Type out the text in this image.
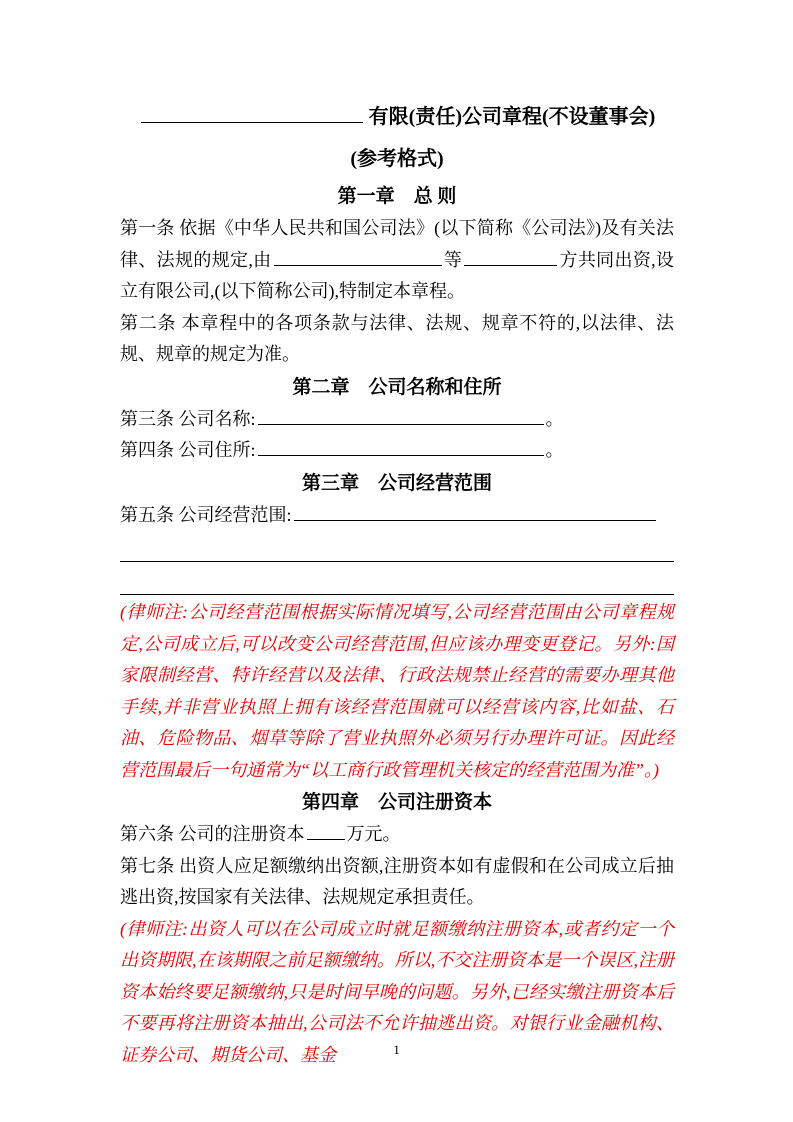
有限(责任)公司章程(不设董事会)
(参考格式)
第一章　总 则
第一条 依据《中华人民共和国公司法》(以下简称《公司法》)及有关法律、法规的规定,由	等	方共同出资,设立有限公司,(以下简称公司),特制定本章程。
第二条 本章程中的各项条款与法律、法规、规章不符的,以法律、法规、规章的规定为准。
第二章　公司名称和住所
第三条 公司名称:	。
第四条 公司住所:	。
第三章　公司经营范围
第五条 公司经营范围:
(律师注:公司经营范围根据实际情况填写,公司经营范围由公司章程规定,公司成立后,可以改变公司经营范围,但应该办理变更登记。另外:国家限制经营、特许经营以及法律、行政法规禁止经营的需要办理其他手续,并非营业执照上拥有该经营范围就可以经营该内容,比如盐、石油、危险物品、烟草等除了营业执照外必须另行办理许可证。因此经营范围最后一句通常为“以工商行政管理机关核定的经营范围为准”。)
第四章　公司注册资本
第六条 公司的注册资本 万元。
第七条 出资人应足额缴纳出资额,注册资本如有虚假和在公司成立后抽逃出资,按国家有关法律、法规规定承担责任。
(律师注:出资人可以在公司成立时就足额缴纳注册资本,或者约定一个出资期限,在该期限之前足额缴纳。所以,不交注册资本是一个误区,注册资本始终要足额缴纳,只是时间早晚的问题。另外,已经实缴注册资本后不要再将注册资本抽出,公司法不允许抽逃出资。对银行业金融机构、证券公司、期货公司、基金	1
